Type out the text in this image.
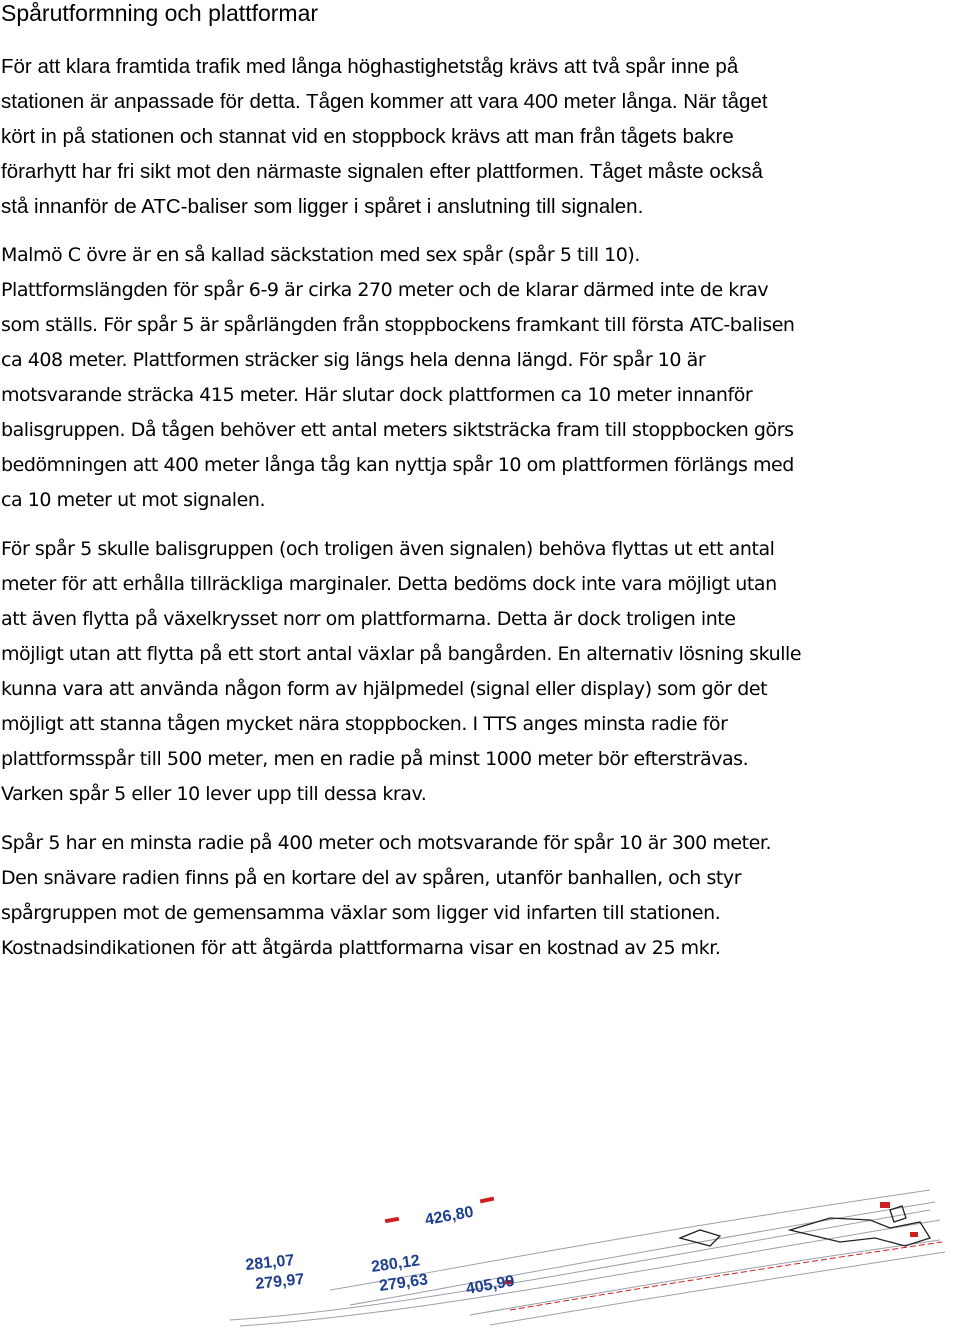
Spårutformning och plattformar

För att klara framtida trafik med långa höghastighetståg krävs att två spår inne på

stationen är anpassade för detta. Tågen kommer att vara 400 meter långa. När tåget

kört in på stationen och stannat vid en stoppbock krävs att man från tågets bakre

förarhytt har fri sikt mot den närmaste signalen efter plattformen. Tåget måste också

stå innanför de ATC-baliser som ligger i spåret i anslutning till signalen.

Malmö C övre är en så kallad säckstation med sex spår (spår 5 till 10).

Plattformslängden för spår 6-9 är cirka 270 meter och de klarar därmed inte de krav

som ställs. För spår 5 är spårlängden från stoppbockens framkant till första ATC-balisen

ca 408 meter. Plattformen sträcker sig längs hela denna längd. För spår 10 är

motsvarande sträcka 415 meter. Här slutar dock plattformen ca 10 meter innanför

balisgruppen. Då tågen behöver ett antal meters siktsträcka fram till stoppbocken görs

bedömningen att 400 meter långa tåg kan nyttja spår 10 om plattformen förlängs med

ca 10 meter ut mot signalen.

För spår 5 skulle balisgruppen (och troligen även signalen) behöva flyttas ut ett antal

meter för att erhålla tillräckliga marginaler. Detta bedöms dock inte vara möjligt utan

att även flytta på växelkrysset norr om plattformarna. Detta är dock troligen inte

möjligt utan att flytta på ett stort antal växlar på bangården. En alternativ lösning skulle

kunna vara att använda någon form av hjälpmedel (signal eller display) som gör det

möjligt att stanna tågen mycket nära stoppbocken. I TTS anges minsta radie för

plattformsspår till 500 meter, men en radie på minst 1000 meter bör eftersträvas.

Varken spår 5 eller 10 lever upp till dessa krav.

Spår 5 har en minsta radie på 400 meter och motsvarande för spår 10 är 300 meter.

Den snävare radien finns på en kortare del av spåren, utanför banhallen, och styr

spårgruppen mot de gemensamma växlar som ligger vid infarten till stationen.

Kostnadsindikationen för att åtgärda plattformarna visar en kostnad av 25 mkr.

281,07
279,97
280,12
279,63
426,80
405,99
